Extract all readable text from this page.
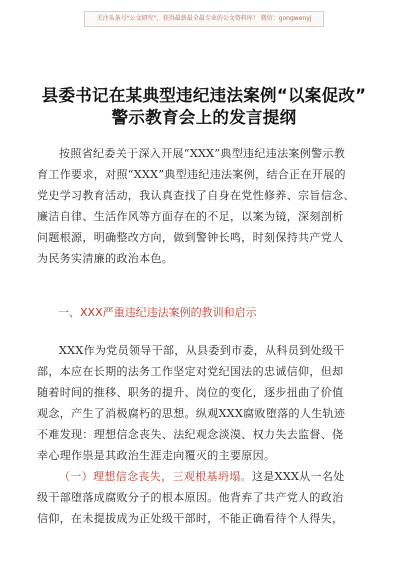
关注头条号“公文研究”，获得最新最全最专业的公文资料库！ 微信：gongwenyj
县委书记在某典型违纪违法案例“以案促改”
警示教育会上的发言提纲
按照省纪委关于深入开展“XXX”典型违纪违法案例警示教
育工作要求，对照“XXX”典型违纪违法案例，结合正在开展的
党史学习教育活动，我认真查找了自身在党性修养、宗旨信念、
廉洁自律、生活作风等方面存在的不足，以案为镜，深刻剖析
问题根源，明确整改方向，做到警钟长鸣，时刻保持共产党人
为民务实清廉的政治本色。
一、XXX严重违纪违法案例的教训和启示
XXX作为党员领导干部，从县委到市委，从科员到处级干
部，本应在长期的法务工作坚定对党纪国法的忠诚信仰，但却
随着时间的推移、职务的提升、岗位的变化，逐步扭曲了价值
观念，产生了消极腐朽的思想。纵观XXX腐败堕落的人生轨迹
不难发现：理想信念丧失、法纪观念淡漠、权力失去监督、侥
幸心理作祟是其政治生涯走向覆灭的主要原因。
（一）理想信念丧失，三观根基坍塌。这是XXX从一名处
级干部堕落成腐败分子的根本原因。他背弃了共产党人的政治
信仰，在未提拔成为正处级干部时，不能正确看待个人得失，
